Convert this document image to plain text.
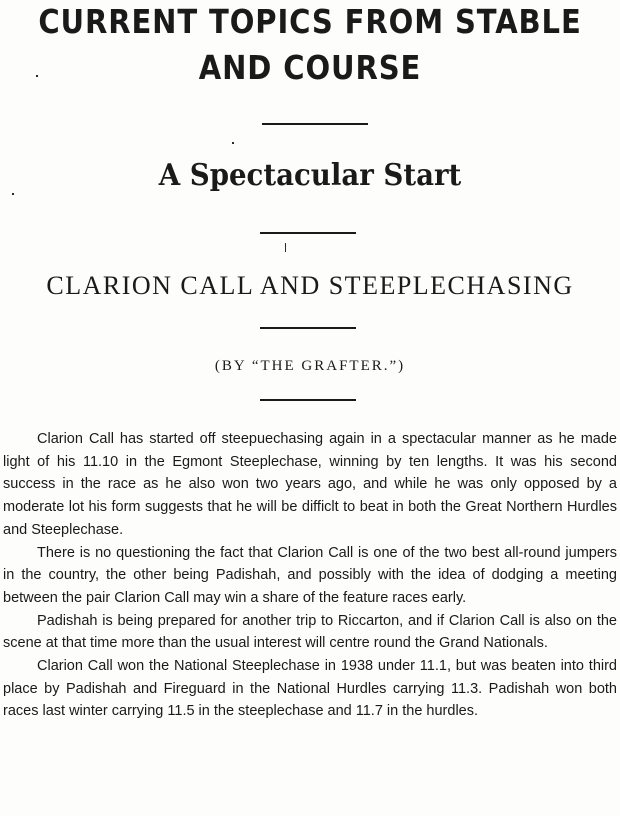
CURRENT TOPICS FROM STABLE
AND COURSE
A Spectacular Start
CLARION CALL AND STEEPLECHASING
(BY “THE GRAFTER.”)

Clarion Call has started off steepuechasing again in a spectacular manner as he made light of his 11.10 in the Egmont Steeplechase, winning by ten lengths. It was his second success in the race as he also won two years ago, and while he was only opposed by a moderate lot his form suggests that he will be difficlt to beat in both the Great Northern Hurdles and Steeplechase.

There is no questioning the fact that Clarion Call is one of the two best all-round jumpers in the country, the other being Padishah, and possibly with the idea of dodging a meeting between the pair Clarion Call may win a share of the feature races early.

Padishah is being prepared for another trip to Riccarton, and if Clarion Call is also on the scene at that time more than the usual interest will centre round the Grand Nationals.

Clarion Call won the National Steeplechase in 1938 under 11.1, but was beaten into third place by Padishah and Fireguard in the National Hurdles carrying 11.3. Padishah won both races last winter carrying 11.5 in the steeplechase and 11.7 in the hurdles.
